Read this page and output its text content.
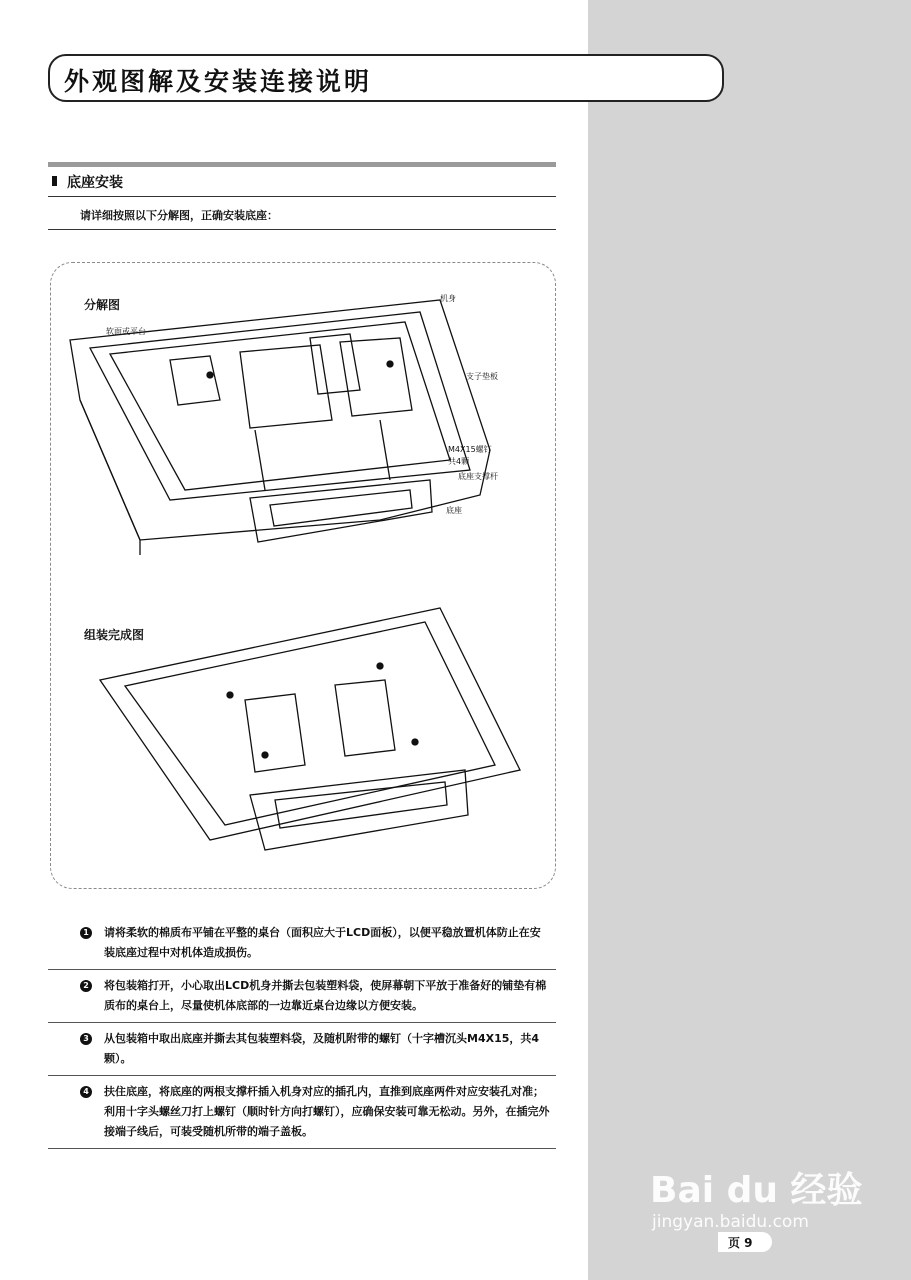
外观图解及安装连接说明
底座安装
请详细按照以下分解图，正确安装底座：
分解图
组装完成图
软面或平台
机身
支子垫板
M4X15螺钉
共4颗
底座支撑杆
底座
1 请将柔软的棉质布平铺在平整的桌台（面积应大于LCD面板），以便平稳放置机体防止在安装底座过程中对机体造成损伤。
2 将包装箱打开，小心取出LCD机身并撕去包装塑料袋，使屏幕朝下平放于准备好的铺垫有棉质布的桌台上，尽量使机体底部的一边靠近桌台边缘以方便安装。
3 从包装箱中取出底座并撕去其包装塑料袋，及随机附带的螺钉（十字槽沉头M4X15，共4颗）。
4 扶住底座，将底座的两根支撑杆插入机身对应的插孔内，直推到底座两件对应安装孔对准；利用十字头螺丝刀打上螺钉（顺时针方向打螺钉），应确保安装可靠无松动。另外，在插完外接端子线后，可装受随机所带的端子盖板。
Bai du 经验
jingyan.baidu.com
页 9
